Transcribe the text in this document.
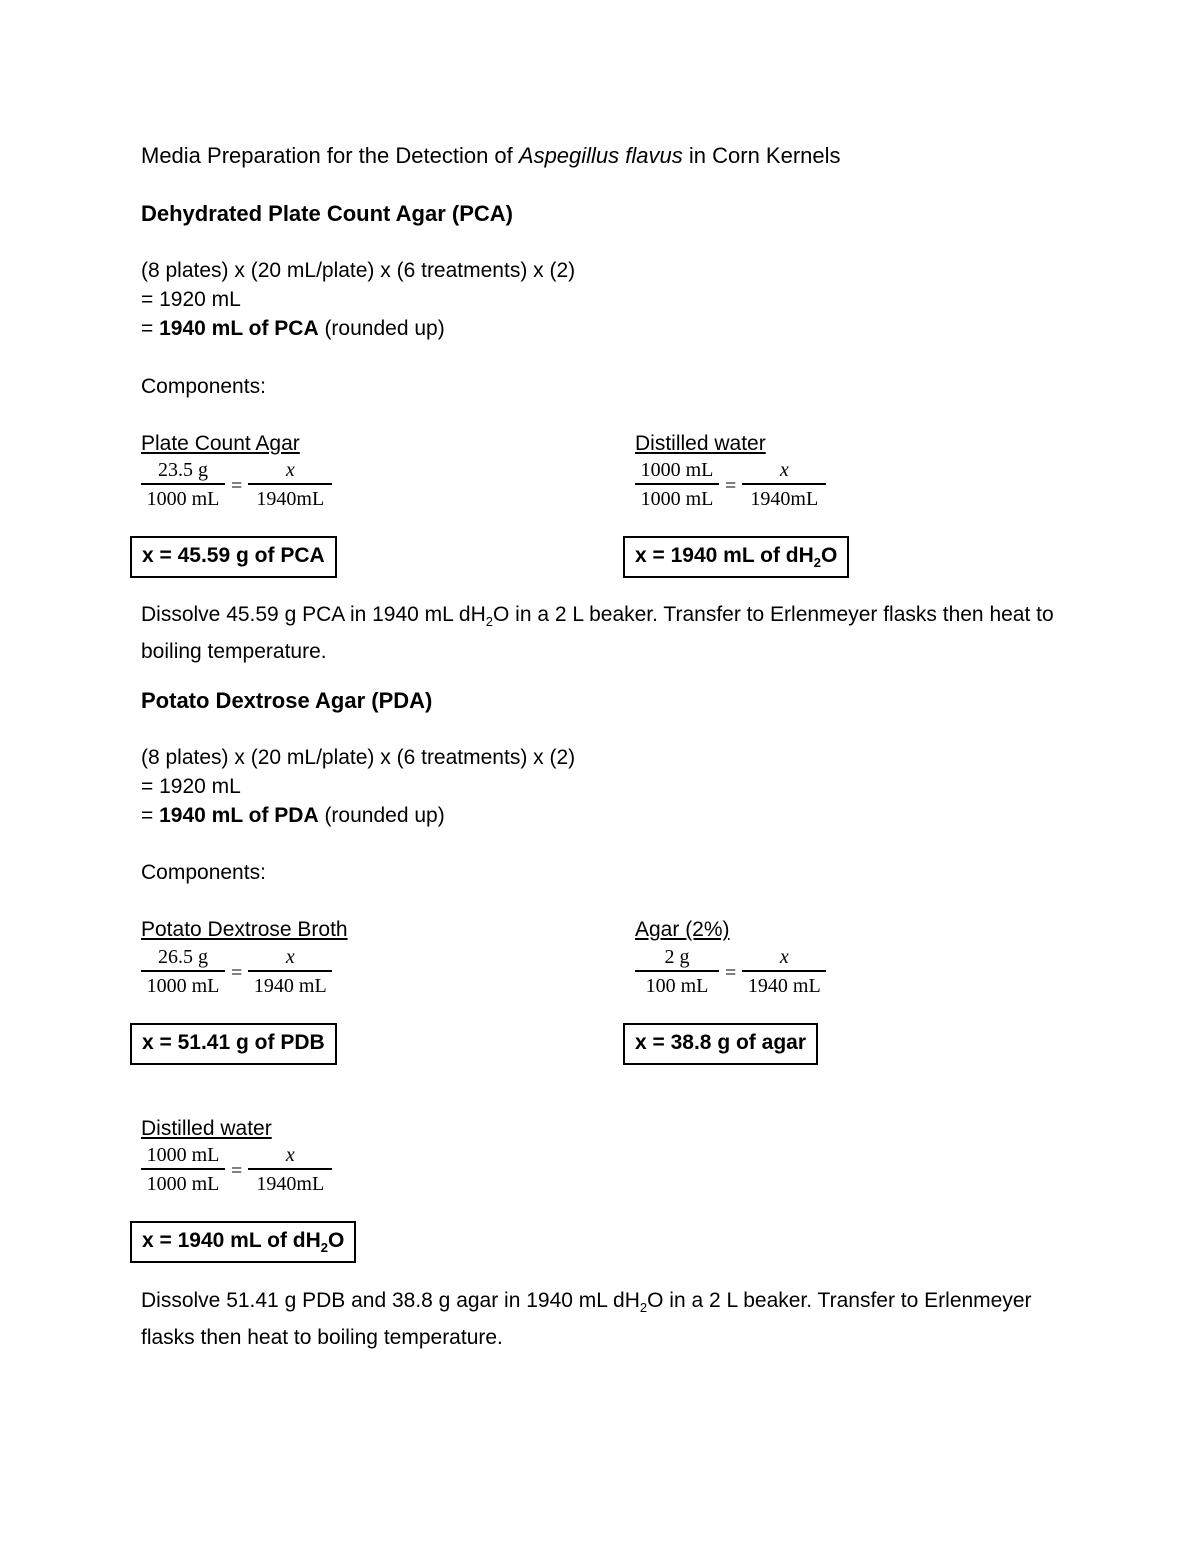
Media Preparation for the Detection of Aspegillus flavus in Corn Kernels
Dehydrated Plate Count Agar (PCA)
(8 plates) x (20 mL/plate) x (6 treatments) x (2)
= 1920 mL
= 1940 mL of PCA (rounded up)
Components:
Plate Count Agar
$\frac{23.5 g}{1000 mL} = \frac{x}{1940mL}$
x = 45.59 g of PCA
Distilled water
$\frac{1000 mL}{1000 mL} = \frac{x}{1940mL}$
x = 1940 mL of $dH_2O$
Dissolve 45.59 g PCA in 1940 mL $dH_2O$ in a 2 L beaker. Transfer to Erlenmeyer flasks then heat to boiling temperature.
Potato Dextrose Agar (PDA)
(8 plates) x (20 mL/plate) x (6 treatments) x (2)
= 1920 mL
= 1940 mL of PDA (rounded up)
Components:
Potato Dextrose Broth
$\frac{26.5 g}{1000 mL} = \frac{x}{1940 mL}$
x = 51.41 g of PDB
Agar (2%)
$\frac{2 g}{100 mL} = \frac{x}{1940 mL}$
x = 38.8 g of agar
Distilled water
$\frac{1000 mL}{1000 mL} = \frac{x}{1940mL}$
x = 1940 mL of $dH_2O$
Dissolve 51.41 g PDB and 38.8 g agar in 1940 mL $dH_2O$ in a 2 L beaker. Transfer to Erlenmeyer flasks then heat to boiling temperature.
